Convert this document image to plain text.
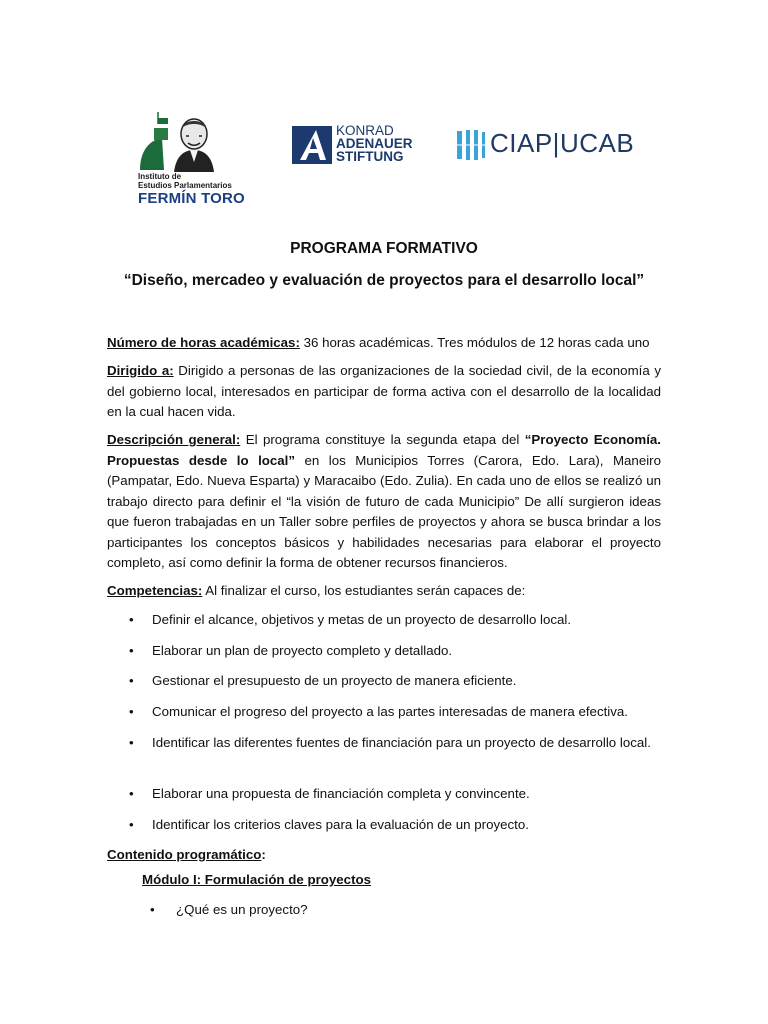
Instituto de
Estudios Parlamentarios
FERMÍN TORO
KONRAD
ADENAUER
STIFTUNG	CIAP|UCAB
PROGRAMA FORMATIVO
“Diseño, mercadeo y evaluación de proyectos para el desarrollo local”
Número de horas académicas: 36 horas académicas. Tres módulos de 12 horas cada uno
Dirigido a: Dirigido a personas de las organizaciones de la sociedad civil, de la economía y del gobierno local, interesados en participar de forma activa con el desarrollo de la localidad en la cual hacen vida.
Descripción general: El programa constituye la segunda etapa del “Proyecto Economía. Propuestas desde lo local” en los Municipios Torres (Carora, Edo. Lara), Maneiro (Pampatar, Edo. Nueva Esparta) y Maracaibo (Edo. Zulia). En cada uno de ellos se realizó un trabajo directo para definir el “la visión de futuro de cada Municipio” De allí surgieron ideas que fueron trabajadas en un Taller sobre perfiles de proyectos y ahora se busca brindar a los participantes los conceptos básicos y habilidades necesarias para elaborar el proyecto completo, así como definir la forma de obtener recursos financieros.
Competencias: Al finalizar el curso, los estudiantes serán capaces de:
• Definir el alcance, objetivos y metas de un proyecto de desarrollo local.
• Elaborar un plan de proyecto completo y detallado.
• Gestionar el presupuesto de un proyecto de manera eficiente.
• Comunicar el progreso del proyecto a las partes interesadas de manera efectiva.
• Identificar las diferentes fuentes de financiación para un proyecto de desarrollo local.
• Elaborar una propuesta de financiación completa y convincente.
• Identificar los criterios claves para la evaluación de un proyecto.
Contenido programático:
Módulo I: Formulación de proyectos
• ¿Qué es un proyecto?
